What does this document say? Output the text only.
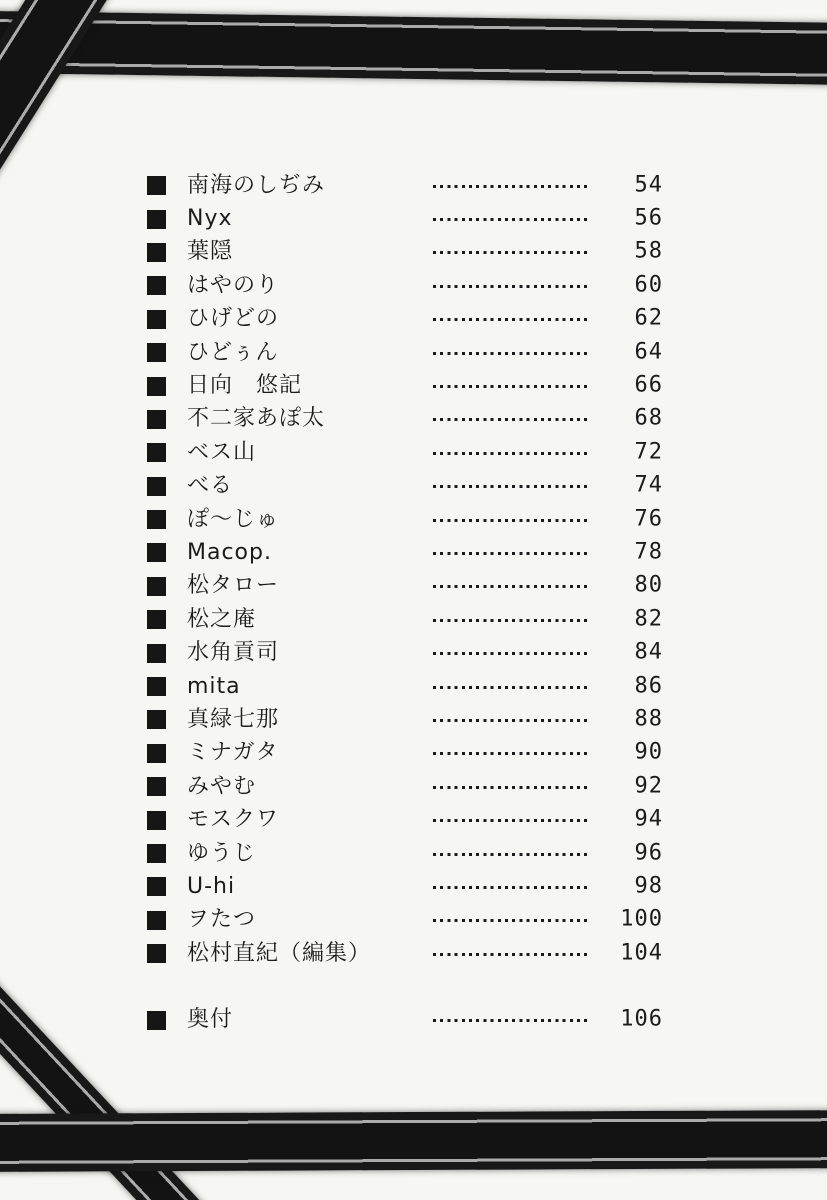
南海のしぢみ	54
Nyx	56
葉隠	58
はやのり	60
ひげどの	62
ひどぅん	64
日向　悠記	66
不二家あぽ太	68
ベス山	72
べる	74
ぽ～じゅ	76
Macop.	78
松タロー	80
松之庵	82
水角貢司	84
mita	86
真緑七那	88
ミナガタ	90
みやむ	92
モスクワ	94
ゆうじ	96
U-hi	98
ヲたつ	100
松村直紀（編集）	104
奥付	106
